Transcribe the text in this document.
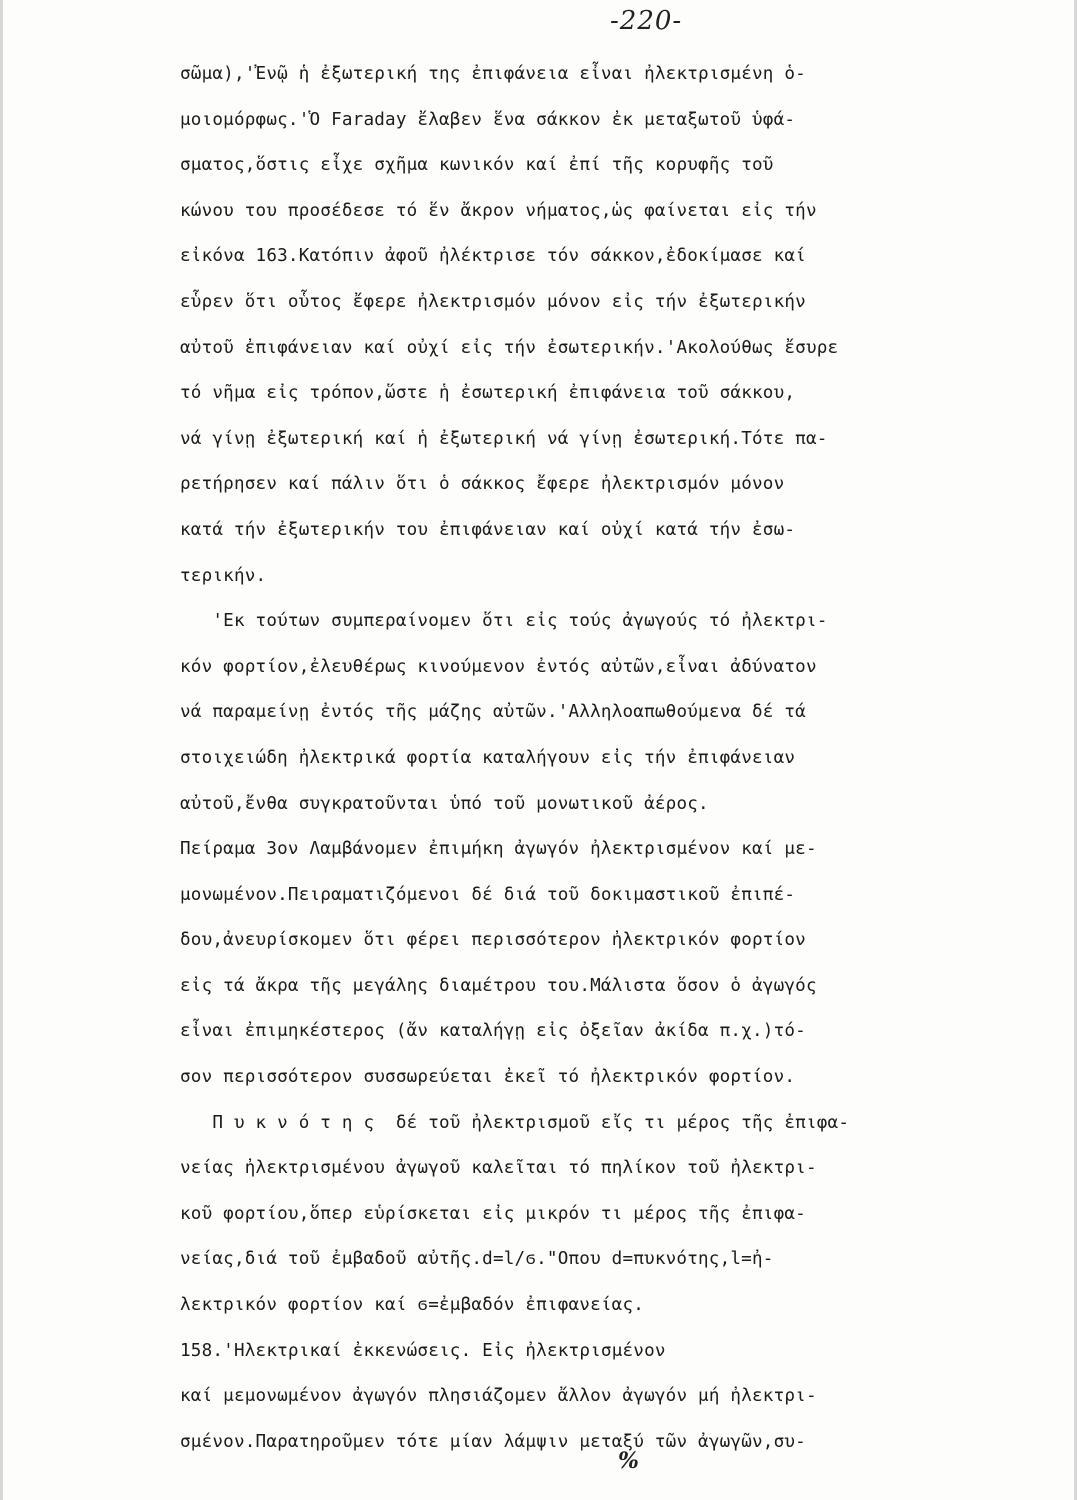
-220-
σῶμα),'Ἐνῷ ἡ ἐξωτερική της ἐπιφάνεια εἶναι ἠλεκτρισμένη ὁ-
μοιομόρφως.'Ὁ Faraday ἔλαβεν ἕνα σάκκον ἐκ μεταξωτοῦ ὑφά-
σματος,ὅστις εἶχε σχῆμα κωνικόν καί ἐπί τῆς κορυφῆς τοῦ
κώνου του προσέδεσε τό ἕν ἄκρον νήματος,ὡς φαίνεται εἰς τήν
εἰκόνα 163.Κατόπιν ἀφοῦ ἠλέκτρισε τόν σάκκον,ἐδοκίμασε καί
εὗρεν ὅτι οὗτος ἔφερε ἠλεκτρισμόν μόνον εἰς τήν ἐξωτερικήν
αὐτοῦ ἐπιφάνειαν καί οὐχί εἰς τήν ἐσωτερικήν.'Ακολούθως ἔσυρε
τό νῆμα εἰς τρόπον,ὥστε ἡ ἐσωτερική ἐπιφάνεια τοῦ σάκκου,
νά γίνῃ ἐξωτερική καί ἡ ἐξωτερική νά γίνῃ ἐσωτερική.Τότε πα-
ρετήρησεν καί πάλιν ὅτι ὁ σάκκος ἔφερε ἠλεκτρισμόν μόνον
κατά τήν ἐξωτερικήν του ἐπιφάνειαν καί οὐχί κατά τήν ἐσω-
τερικήν.
'Εκ τούτων συμπεραίνομεν ὅτι εἰς τούς ἀγωγούς τό ἠλεκτρι-
κόν φορτίον,ἐλευθέρως κινούμενον ἐντός αὐτῶν,εἶναι ἀδύνατον
νά παραμείνῃ ἐντός τῆς μάζης αὐτῶν.'Αλληλοαπωθούμενα δέ τά
στοιχειώδη ἠλεκτρικά φορτία καταλήγουν εἰς τήν ἐπιφάνειαν
αὐτοῦ,ἔνθα συγκρατοῦνται ὑπό τοῦ μονωτικοῦ ἀέρος.
Πείραμα 3ον Λαμβάνομεν ἐπιμήκη ἀγωγόν ἠλεκτρισμένον καί με-
μονωμένον.Πειραματιζόμενοι δέ διά τοῦ δοκιμαστικοῦ ἐπιπέ-
δου,ἀνευρίσκομεν ὅτι φέρει περισσότερον ἠλεκτρικόν φορτίον
εἰς τά ἄκρα τῆς μεγάλης διαμέτρου του.Μάλιστα ὅσον ὁ ἀγωγός
εἶναι ἐπιμηκέστερος (ἄν καταλήγῃ εἰς ὀξεῖαν ἀκίδα π.χ.)τό-
σον περισσότερον συσσωρεύεται ἐκεῖ τό ἠλεκτρικόν φορτίον.
Π υ κ ν ό τ η ς  δέ τοῦ ἠλεκτρισμοῦ εἴς τι μέρος τῆς ἐπιφα-
νείας ἠλεκτρισμένου ἀγωγοῦ καλεῖται τό πηλίκον τοῦ ἠλεκτρι-
κοῦ φορτίου,ὅπερ εὑρίσκεται εἰς μικρόν τι μέρος τῆς ἐπιφα-
νείας,διά τοῦ ἐμβαδοῦ αὐτῆς.d=l/ϭ."Οπου d=πυκνότης,l=ἠ-
λεκτρικόν φορτίον καί ϭ=ἐμβαδόν ἐπιφανείας.
158.'Ηλεκτρικαί ἐκκενώσεις. Εἰς ἠλεκτρισμένον
καί μεμονωμένον ἀγωγόν πλησιάζομεν ἄλλον ἀγωγόν μή ἠλεκτρι-
σμένον.Παρατηροῦμεν τότε μίαν λάμψιν μεταξύ τῶν ἀγωγῶν,συ-
%
